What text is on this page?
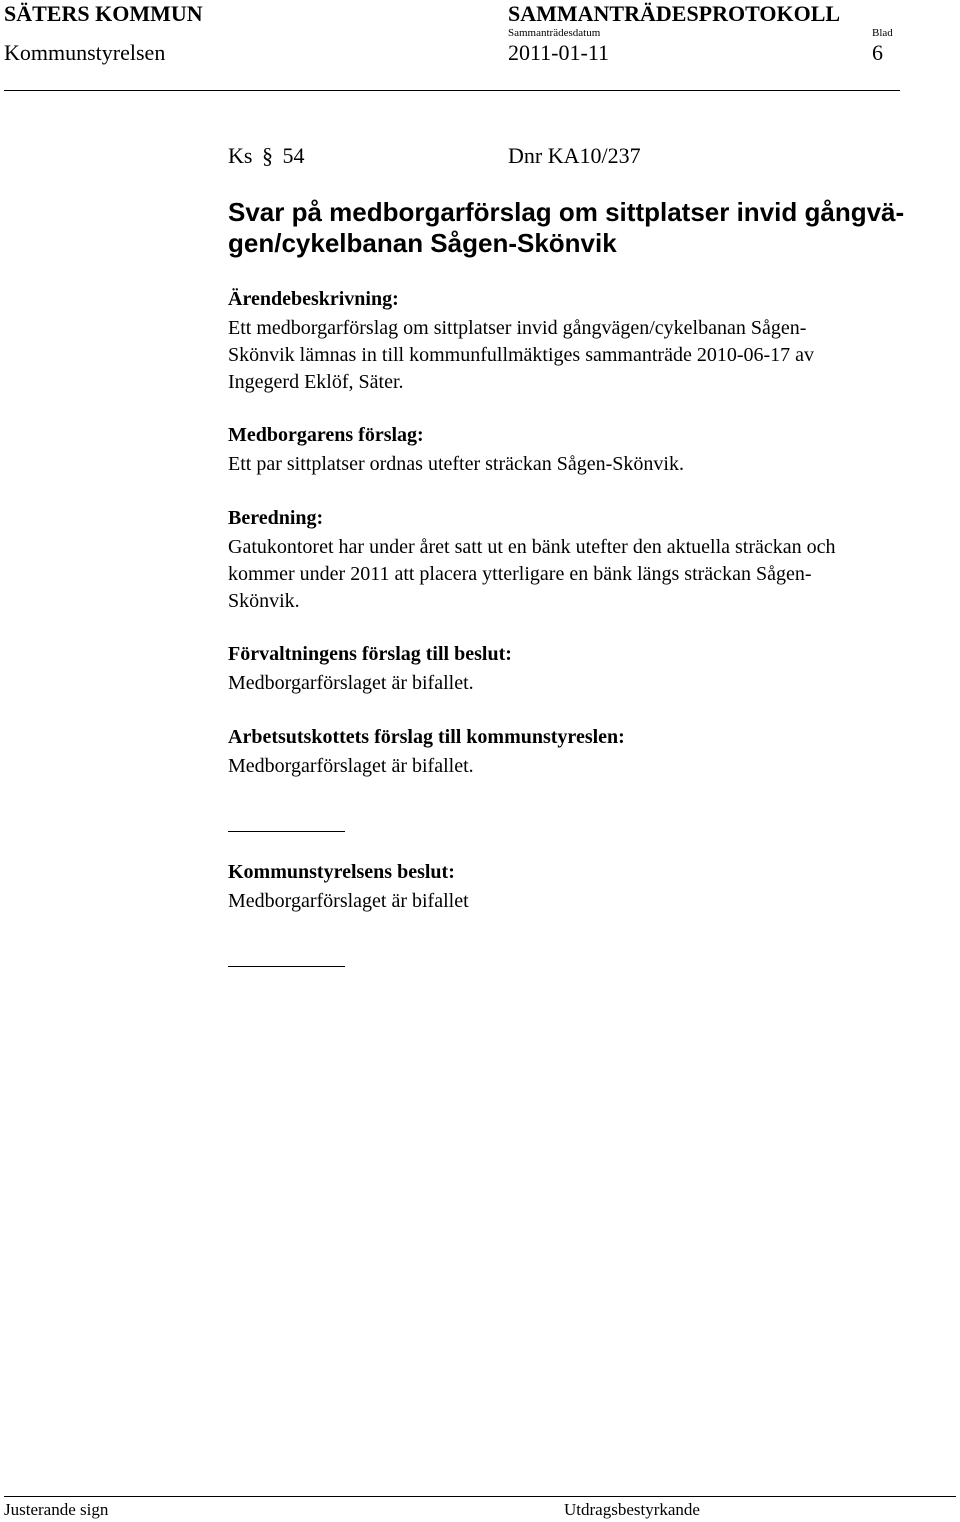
SÄTERS KOMMUN	SAMMANTRÄDESPROTOKOLL
Sammanträdesdatum	Blad
Kommunstyrelsen	2011-01-11	6
Ks § 54	Dnr KA10/237
Svar på medborgarförslag om sittplatser invid gångvä-
gen/cykelbanan Sågen-Skönvik
Ärendebeskrivning:
Ett medborgarförslag om sittplatser invid gångvägen/cykelbanan Sågen-
Skönvik lämnas in till kommunfullmäktiges sammanträde 2010-06-17 av
Ingegerd Eklöf, Säter.
Medborgarens förslag:
Ett par sittplatser ordnas utefter sträckan Sågen-Skönvik.
Beredning:
Gatukontoret har under året satt ut en bänk utefter den aktuella sträckan och
kommer under 2011 att placera ytterligare en bänk längs sträckan Sågen-
Skönvik.
Förvaltningens förslag till beslut:
Medborgarförslaget är bifallet.
Arbetsutskottets förslag till kommunstyreslen:
Medborgarförslaget är bifallet.
Kommunstyrelsens beslut:
Medborgarförslaget är bifallet
Justerande sign	Utdragsbestyrkande
